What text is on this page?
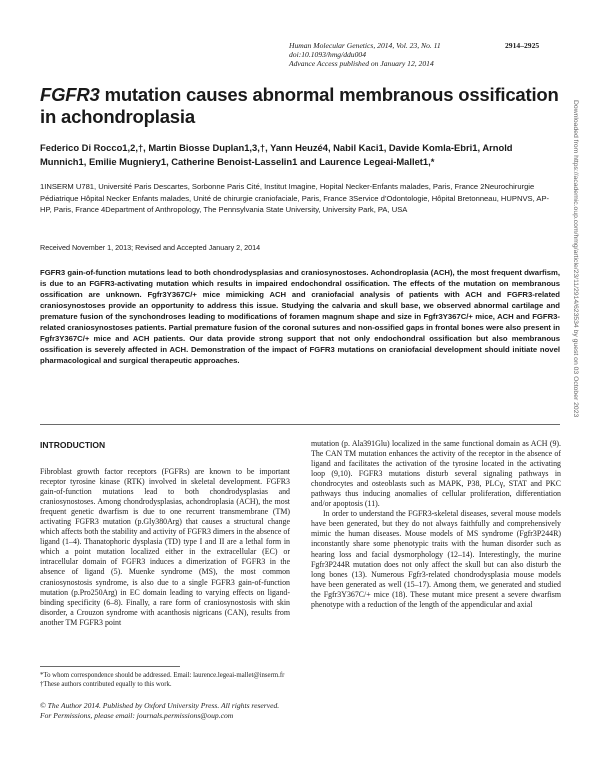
Human Molecular Genetics, 2014, Vol. 23, No. 11	2914–2925
doi:10.1093/hmg/ddu004
Advance Access published on January 12, 2014
FGFR3 mutation causes abnormal membranous ossification in achondroplasia
Federico Di Rocco1,2,†, Martin Biosse Duplan1,3,†, Yann Heuzé4, Nabil Kaci1, Davide Komla-Ebri1, Arnold Munnich1, Emilie Mugniery1, Catherine Benoist-Lasselin1 and Laurence Legeai-Mallet1,*
1INSERM U781, Université Paris Descartes, Sorbonne Paris Cité, Institut Imagine, Hopital Necker-Enfants malades, Paris, France 2Neurochirurgie Pédiatrique Hôpital Necker Enfants malades, Unité de chirurgie craniofaciale, Paris, France 3Service d’Odontologie, Hôpital Bretonneau, HUPNVS, AP-HP, Paris, France 4Department of Anthropology, The Pennsylvania State University, University Park, PA, USA
Received November 1, 2013; Revised and Accepted January 2, 2014
FGFR3 gain-of-function mutations lead to both chondrodysplasias and craniosynostoses. Achondroplasia (ACH), the most frequent dwarfism, is due to an FGFR3-activating mutation which results in impaired endochondral ossification. The effects of the mutation on membranous ossification are unknown. Fgfr3Y367C/+ mice mimicking ACH and craniofacial analysis of patients with ACH and FGFR3-related craniosynostoses provide an opportunity to address this issue. Studying the calvaria and skull base, we observed abnormal cartilage and premature fusion of the synchondroses leading to modifications of foramen magnum shape and size in Fgfr3Y367C/+ mice, ACH and FGFR3-related craniosynostoses patients. Partial premature fusion of the coronal sutures and non-ossified gaps in frontal bones were also present in Fgfr3Y367C/+ mice and ACH patients. Our data provide strong support that not only endochondral ossification but also membranous ossification is severely affected in ACH. Demonstration of the impact of FGFR3 mutations on craniofacial development should initiate novel pharmacological and surgical therapeutic approaches.
INTRODUCTION

Fibroblast growth factor receptors (FGFRs) are known to be important receptor tyrosine kinase (RTK) involved in skeletal development. FGFR3 gain-of-function mutations lead to both chondrodysplasias and craniosynostoses. Among chondrodysplasias, achondroplasia (ACH), the most frequent genetic dwarfism is due to one recurrent transmembrane (TM) activating FGFR3 mutation (p.Gly380Arg) that causes a structural change which affects both the stability and activity of FGFR3 dimers in the absence of ligand (1–4). Thanatophoric dysplasia (TD) type I and II are a lethal form in which a point mutation localized either in the extracellular (EC) or intracellular domain of FGFR3 induces a dimerization of FGFR3 in the absence of ligand (5). Muenke syndrome (MS), the most common craniosynostosis syndrome, is also due to a single FGFR3 gain-of-function mutation (p.Pro250Arg) in EC domain leading to varying effects on ligand-binding specificity (6–8). Finally, a rare form of craniosynostosis with skin disorder, a Crouzon syndrome with acanthosis nigricans (CAN), results from another TM FGFR3 point

mutation (p. Ala391Glu) localized in the same functional domain as ACH (9). The CAN TM mutation enhances the activity of the receptor in the absence of ligand and facilitates the activation of the tyrosine located in the activating loop (9,10). FGFR3 mutations disturb several signaling pathways in chondrocytes and osteoblasts such as MAPK, P38, PLCγ, STAT and PKC pathways thus inducing anomalies of cellular proliferation, differentiation and/or apoptosis (11).

In order to understand the FGFR3-skeletal diseases, several mouse models have been generated, but they do not always faithfully and comprehensively mimic the human diseases. Mouse models of MS syndrome (Fgfr3P244R) inconstantly share some phenotypic traits with the human disorder such as hearing loss and facial dysmorphology (12–14). Interestingly, the murine Fgfr3P244R mutation does not only affect the skull but can also disturb the long bones (13). Numerous Fgfr3-related chondrodysplasia mouse models have been generated as well (15–17). Among them, we generated and studied the Fgfr3Y367C/+ mice (18). These mutant mice present a severe dwarfism phenotype with a reduction of the length of the appendicular and axial

*To whom correspondence should be addressed. Email: laurence.legeai-mallet@inserm.fr
†These authors contributed equally to this work.
© The Author 2014. Published by Oxford University Press. All rights reserved.
For Permissions, please email: journals.permissions@oup.com
Downloaded from https://academic.oup.com/hmg/article/23/11/2914/623534 by guest on 03 October 2023
